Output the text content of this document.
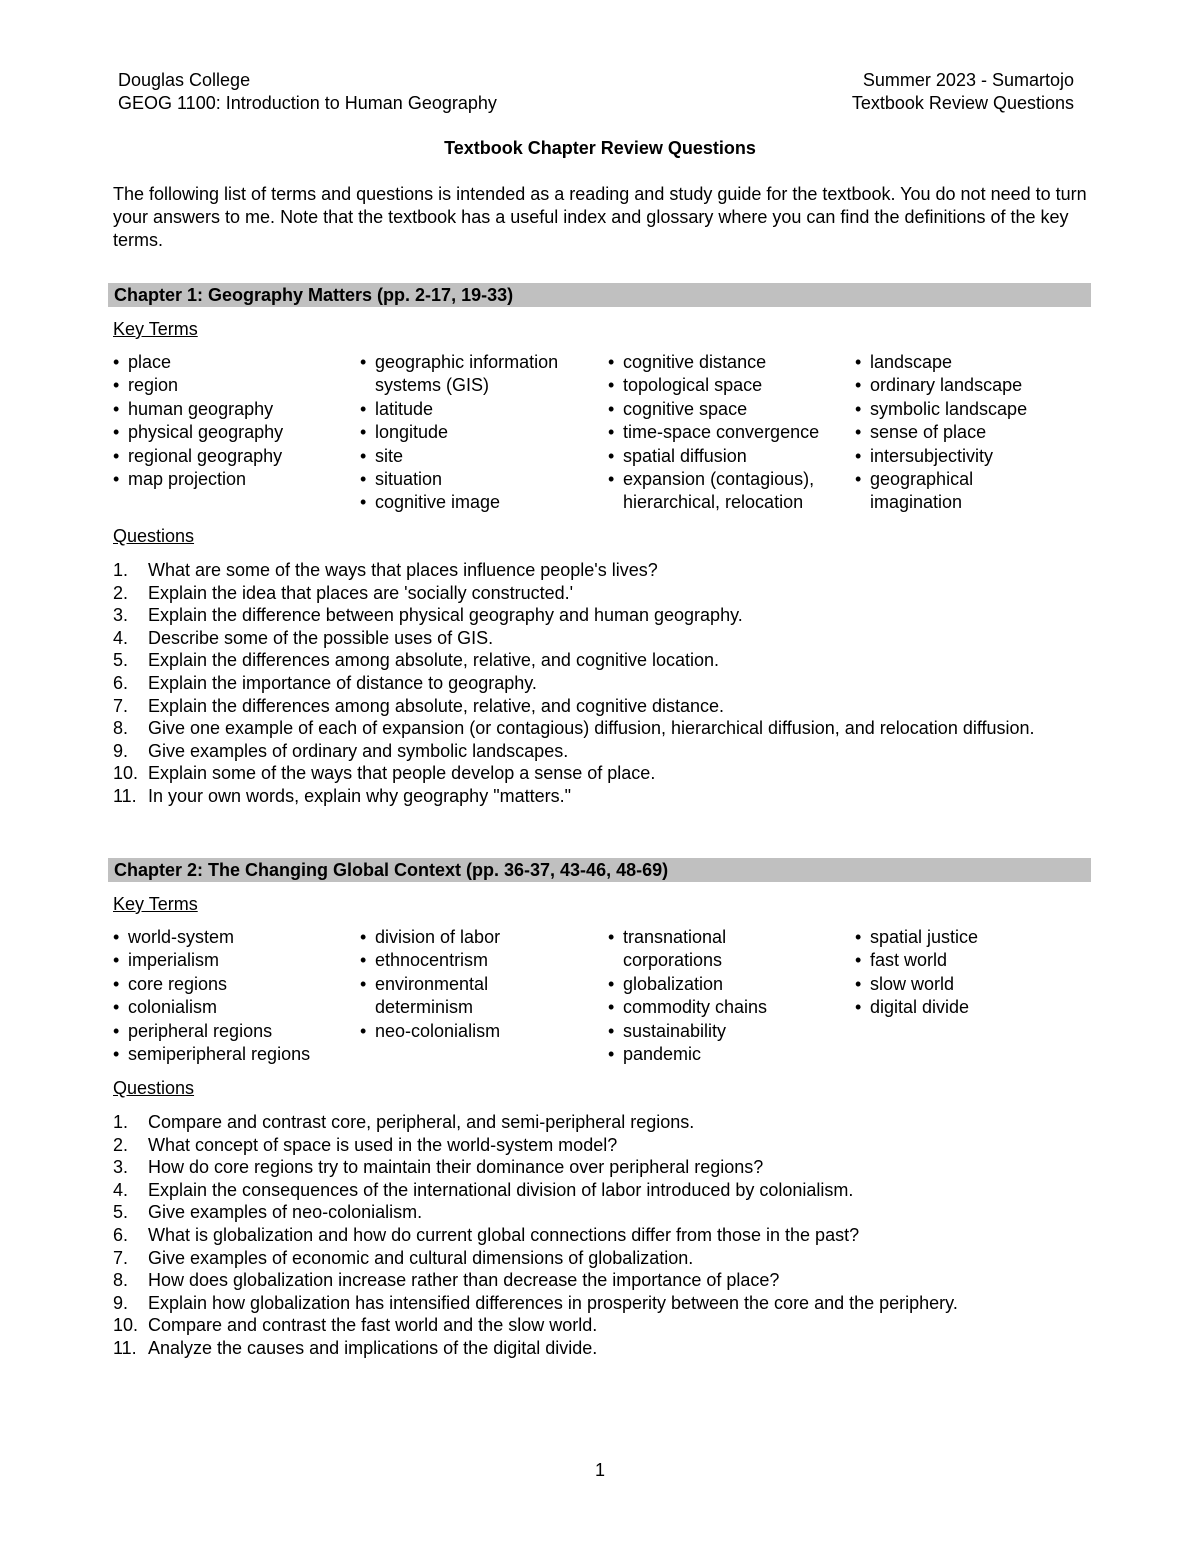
Douglas College
GEOG 1100: Introduction to Human Geography
Summer 2023 - Sumartojo
Textbook Review Questions
Textbook Chapter Review Questions
The following list of terms and questions is intended as a reading and study guide for the textbook. You do not need to turn your answers to me. Note that the textbook has a useful index and glossary where you can find the definitions of the key terms.
Chapter 1: Geography Matters (pp. 2-17, 19-33)
Key Terms
• place
• region
• human geography
• physical geography
• regional geography
• map projection
• geographic information systems (GIS)
• latitude
• longitude
• site
• situation
• cognitive image
• cognitive distance
• topological space
• cognitive space
• time-space convergence
• spatial diffusion
• expansion (contagious), hierarchical, relocation
• landscape
• ordinary landscape
• symbolic landscape
• sense of place
• intersubjectivity
• geographical imagination
Questions
1. What are some of the ways that places influence people's lives?
2. Explain the idea that places are 'socially constructed.'
3. Explain the difference between physical geography and human geography.
4. Describe some of the possible uses of GIS.
5. Explain the differences among absolute, relative, and cognitive location.
6. Explain the importance of distance to geography.
7. Explain the differences among absolute, relative, and cognitive distance.
8. Give one example of each of expansion (or contagious) diffusion, hierarchical diffusion, and relocation diffusion.
9. Give examples of ordinary and symbolic landscapes.
10. Explain some of the ways that people develop a sense of place.
11. In your own words, explain why geography "matters."
Chapter 2: The Changing Global Context (pp. 36-37, 43-46, 48-69)
Key Terms
• world-system
• imperialism
• core regions
• colonialism
• peripheral regions
• semiperipheral regions
• division of labor
• ethnocentrism
• environmental determinism
• neo-colonialism
• transnational corporations
• globalization
• commodity chains
• sustainability
• pandemic
• spatial justice
• fast world
• slow world
• digital divide
Questions
1. Compare and contrast core, peripheral, and semi-peripheral regions.
2. What concept of space is used in the world-system model?
3. How do core regions try to maintain their dominance over peripheral regions?
4. Explain the consequences of the international division of labor introduced by colonialism.
5. Give examples of neo-colonialism.
6. What is globalization and how do current global connections differ from those in the past?
7. Give examples of economic and cultural dimensions of globalization.
8. How does globalization increase rather than decrease the importance of place?
9. Explain how globalization has intensified differences in prosperity between the core and the periphery.
10. Compare and contrast the fast world and the slow world.
11. Analyze the causes and implications of the digital divide.
1
